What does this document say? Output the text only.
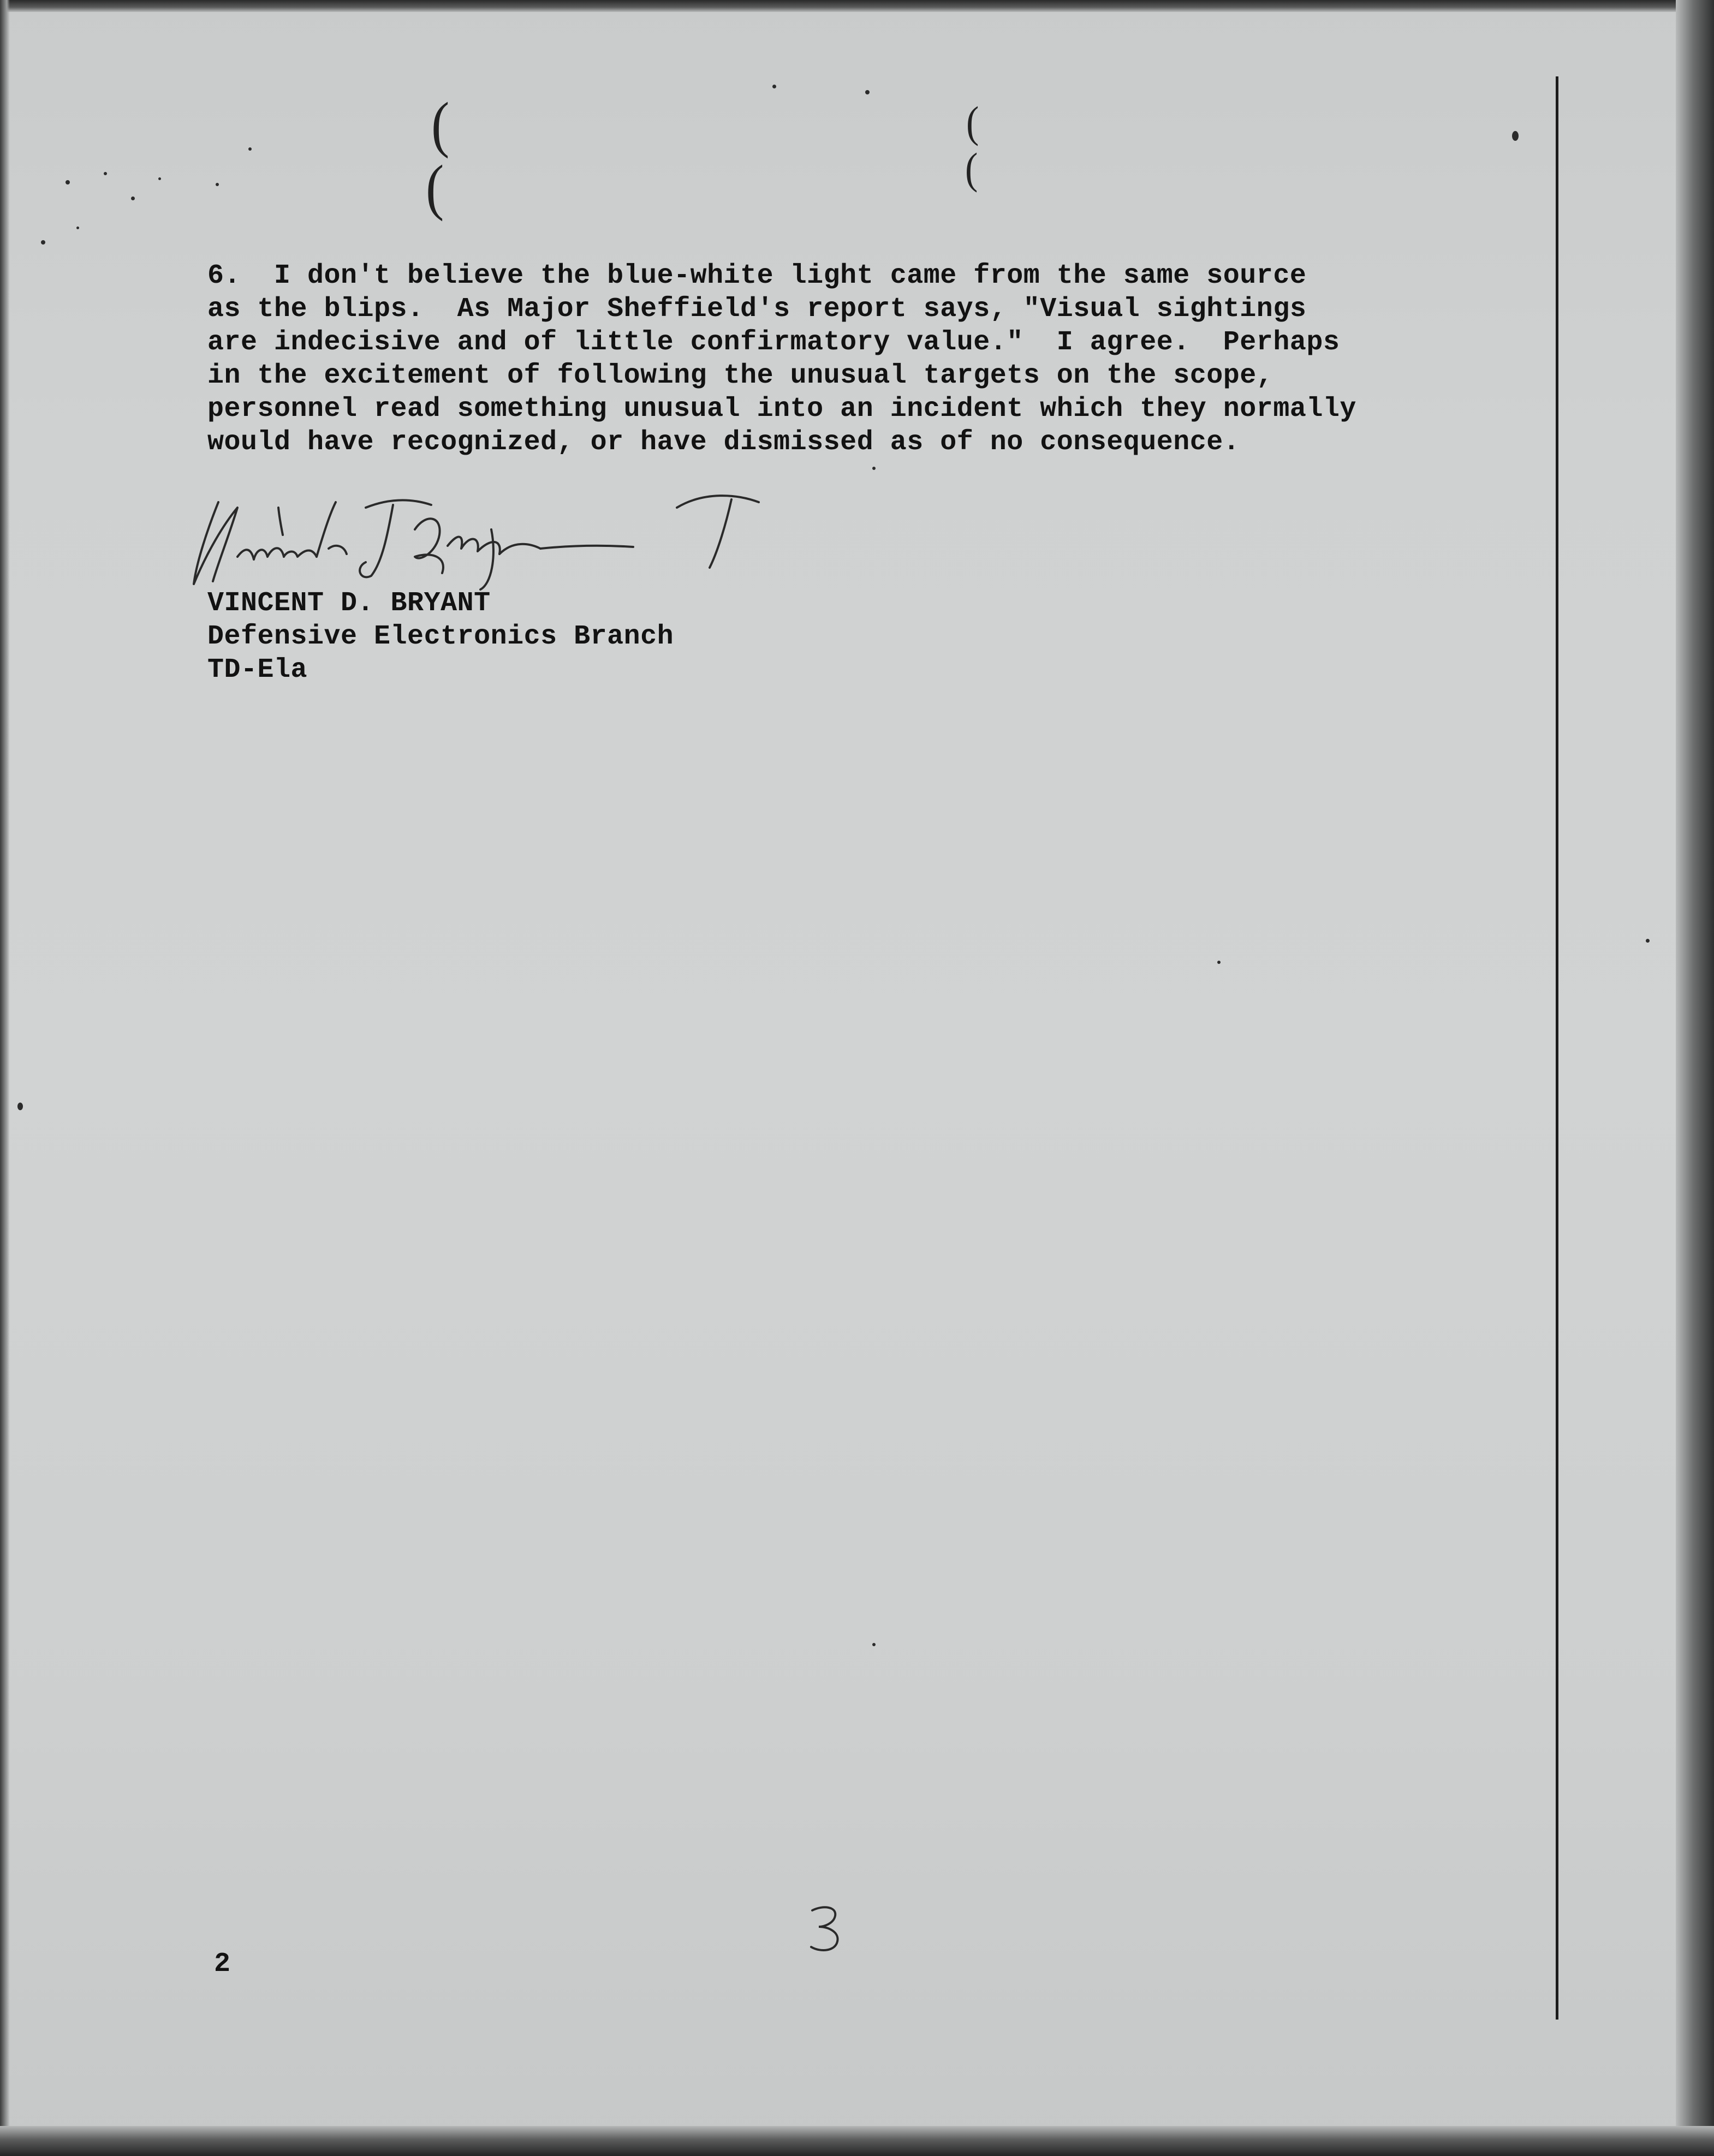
(
(
(
(
6.  I don't believe the blue-white light came from the same source
as the blips.  As Major Sheffield's report says, "Visual sightings
are indecisive and of little confirmatory value."  I agree.  Perhaps
in the excitement of following the unusual targets on the scope,
personnel read something unusual into an incident which they normally
would have recognized, or have dismissed as of no consequence.
VINCENT D. BRYANT
Defensive Electronics Branch
TD-Ela
2
